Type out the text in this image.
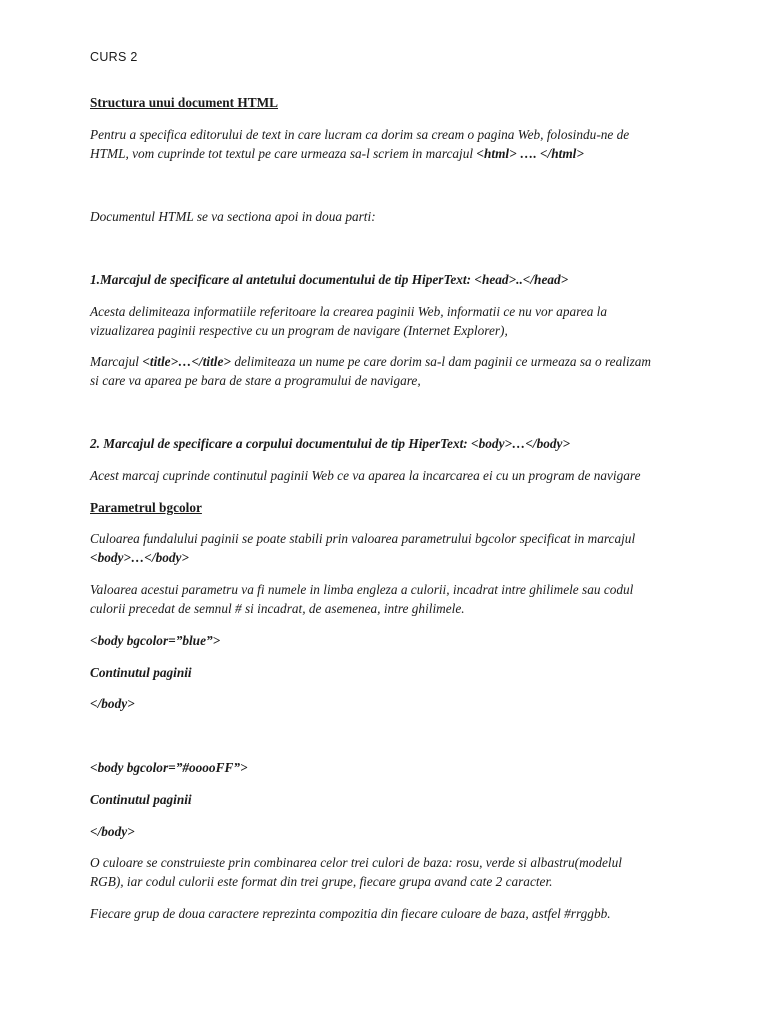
CURS 2
Structura unui document HTML
Pentru a specifica editorului de text in care lucram ca dorim sa cream o pagina Web, folosindu-ne de
HTML, vom cuprinde tot textul pe care urmeaza sa-l scriem in marcajul <html> …. </html>
Documentul HTML se va sectiona apoi in doua parti:
1.Marcajul de specificare al antetului documentului de tip HiperText: <head>..</head>
Acesta delimiteaza informatiile referitoare la crearea paginii Web, informatii ce nu vor aparea la
vizualizarea paginii respective cu un program de navigare (Internet Explorer),
Marcajul <title>…</title> delimiteaza un nume pe care dorim sa-l dam paginii ce urmeaza sa o realizam
si care va aparea pe bara de stare a programului de navigare,
2. Marcajul de specificare a corpului documentului de tip HiperText: <body>…</body>
Acest marcaj cuprinde continutul paginii Web ce va aparea la incarcarea ei cu un program de navigare
Parametrul bgcolor
Culoarea fundalului paginii se poate stabili prin valoarea parametrului bgcolor specificat in marcajul
<body>…</body>
Valoarea acestui parametru va fi numele in limba engleza a culorii, incadrat intre ghilimele sau codul
culorii precedat de semnul # si incadrat, de asemenea, intre ghilimele.
<body bgcolor=”blue”>
Continutul paginii
</body>
<body bgcolor=”#ooooFF”>
Continutul paginii
</body>
O culoare se construieste prin combinarea celor trei culori de baza: rosu, verde si albastru(modelul
RGB), iar codul culorii este format din trei grupe, fiecare grupa avand cate 2 caracter.
Fiecare grup de doua caractere reprezinta compozitia din fiecare culoare de baza, astfel #rrggbb.
